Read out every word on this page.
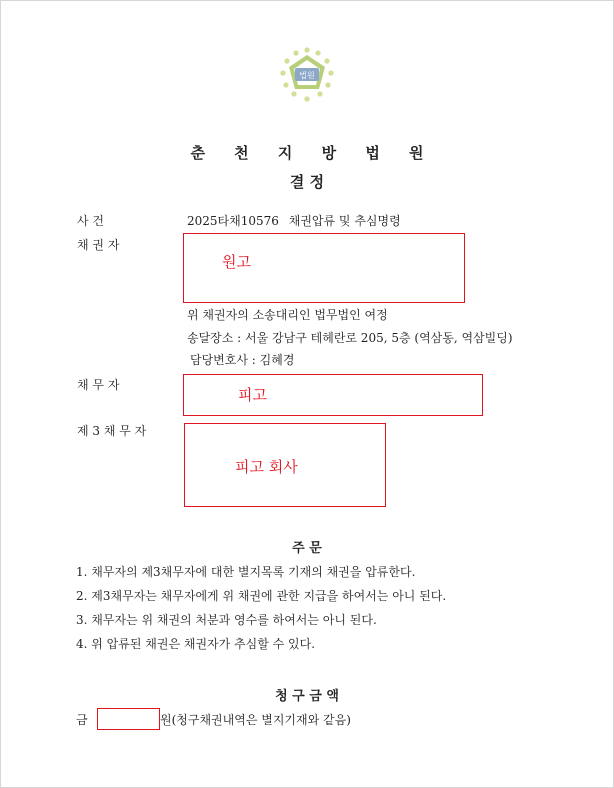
법원
춘 천 지 방 법 원
결 정
사 건	2025타채10576 채권압류 및 추심명령
채 권 자
원고
위 채권자의 소송대리인 법무법인 여정
송달장소 : 서울 강남구 테헤란로 205, 5층 (역삼동, 역삼빌딩)
담당변호사 : 김혜경
채 무 자
피고
제 3 채 무 자
피고 회사
주 문
1. 채무자의 제3채무자에 대한 별지목록 기재의 채권을 압류한다.
2. 제3채무자는 채무자에게 위 채권에 관한 지급을 하여서는 아니 된다.
3. 채무자는 위 채권의 처분과 영수를 하여서는 아니 된다.
4. 위 압류된 채권은 채권자가 추심할 수 있다.
청 구 금 액
금	원(청구채권내역은 별지기재와 같음)
